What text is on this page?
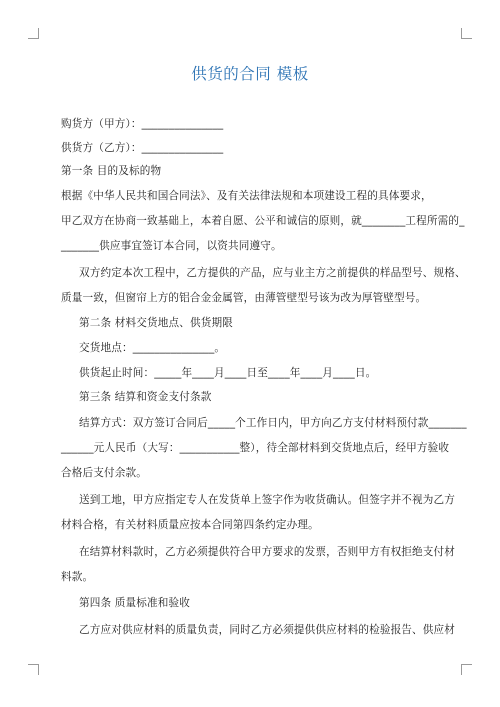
供货的合同 模板
购货方（甲方）：_______________
供货方（乙方）：_______________
第一条 目的及标的物
根据《中华人民共和国合同法》、及有关法律法规和本项建设工程的具体要求，
甲乙双方在协商一致基础上，本着自愿、公平和诚信的原则，就________工程所需的_
_______供应事宜签订本合同，以资共同遵守。
双方约定本次工程中，乙方提供的产品，应与业主方之前提供的样品型号、规格、
质量一致，但窗帘上方的铝合金金属管，由薄管壁型号该为改为厚管壁型号。
第二条 材料交货地点、供货期限
交货地点：_______________。
供货起止时间：_____年____月____日至____年____月____日。
第三条 结算和资金支付条款
结算方式：双方签订合同后_____个工作日内，甲方向乙方支付材料预付款_______
______元人民币（大写：___________整），待全部材料到交货地点后，经甲方验收
合格后支付余款。
送到工地，甲方应指定专人在发货单上签字作为收货确认。但签字并不视为乙方
材料合格，有关材料质量应按本合同第四条约定办理。
在结算材料款时，乙方必须提供符合甲方要求的发票，否则甲方有权拒绝支付材
料款。
第四条 质量标准和验收
乙方应对供应材料的质量负责，同时乙方必须提供供应材料的检验报告、供应材
